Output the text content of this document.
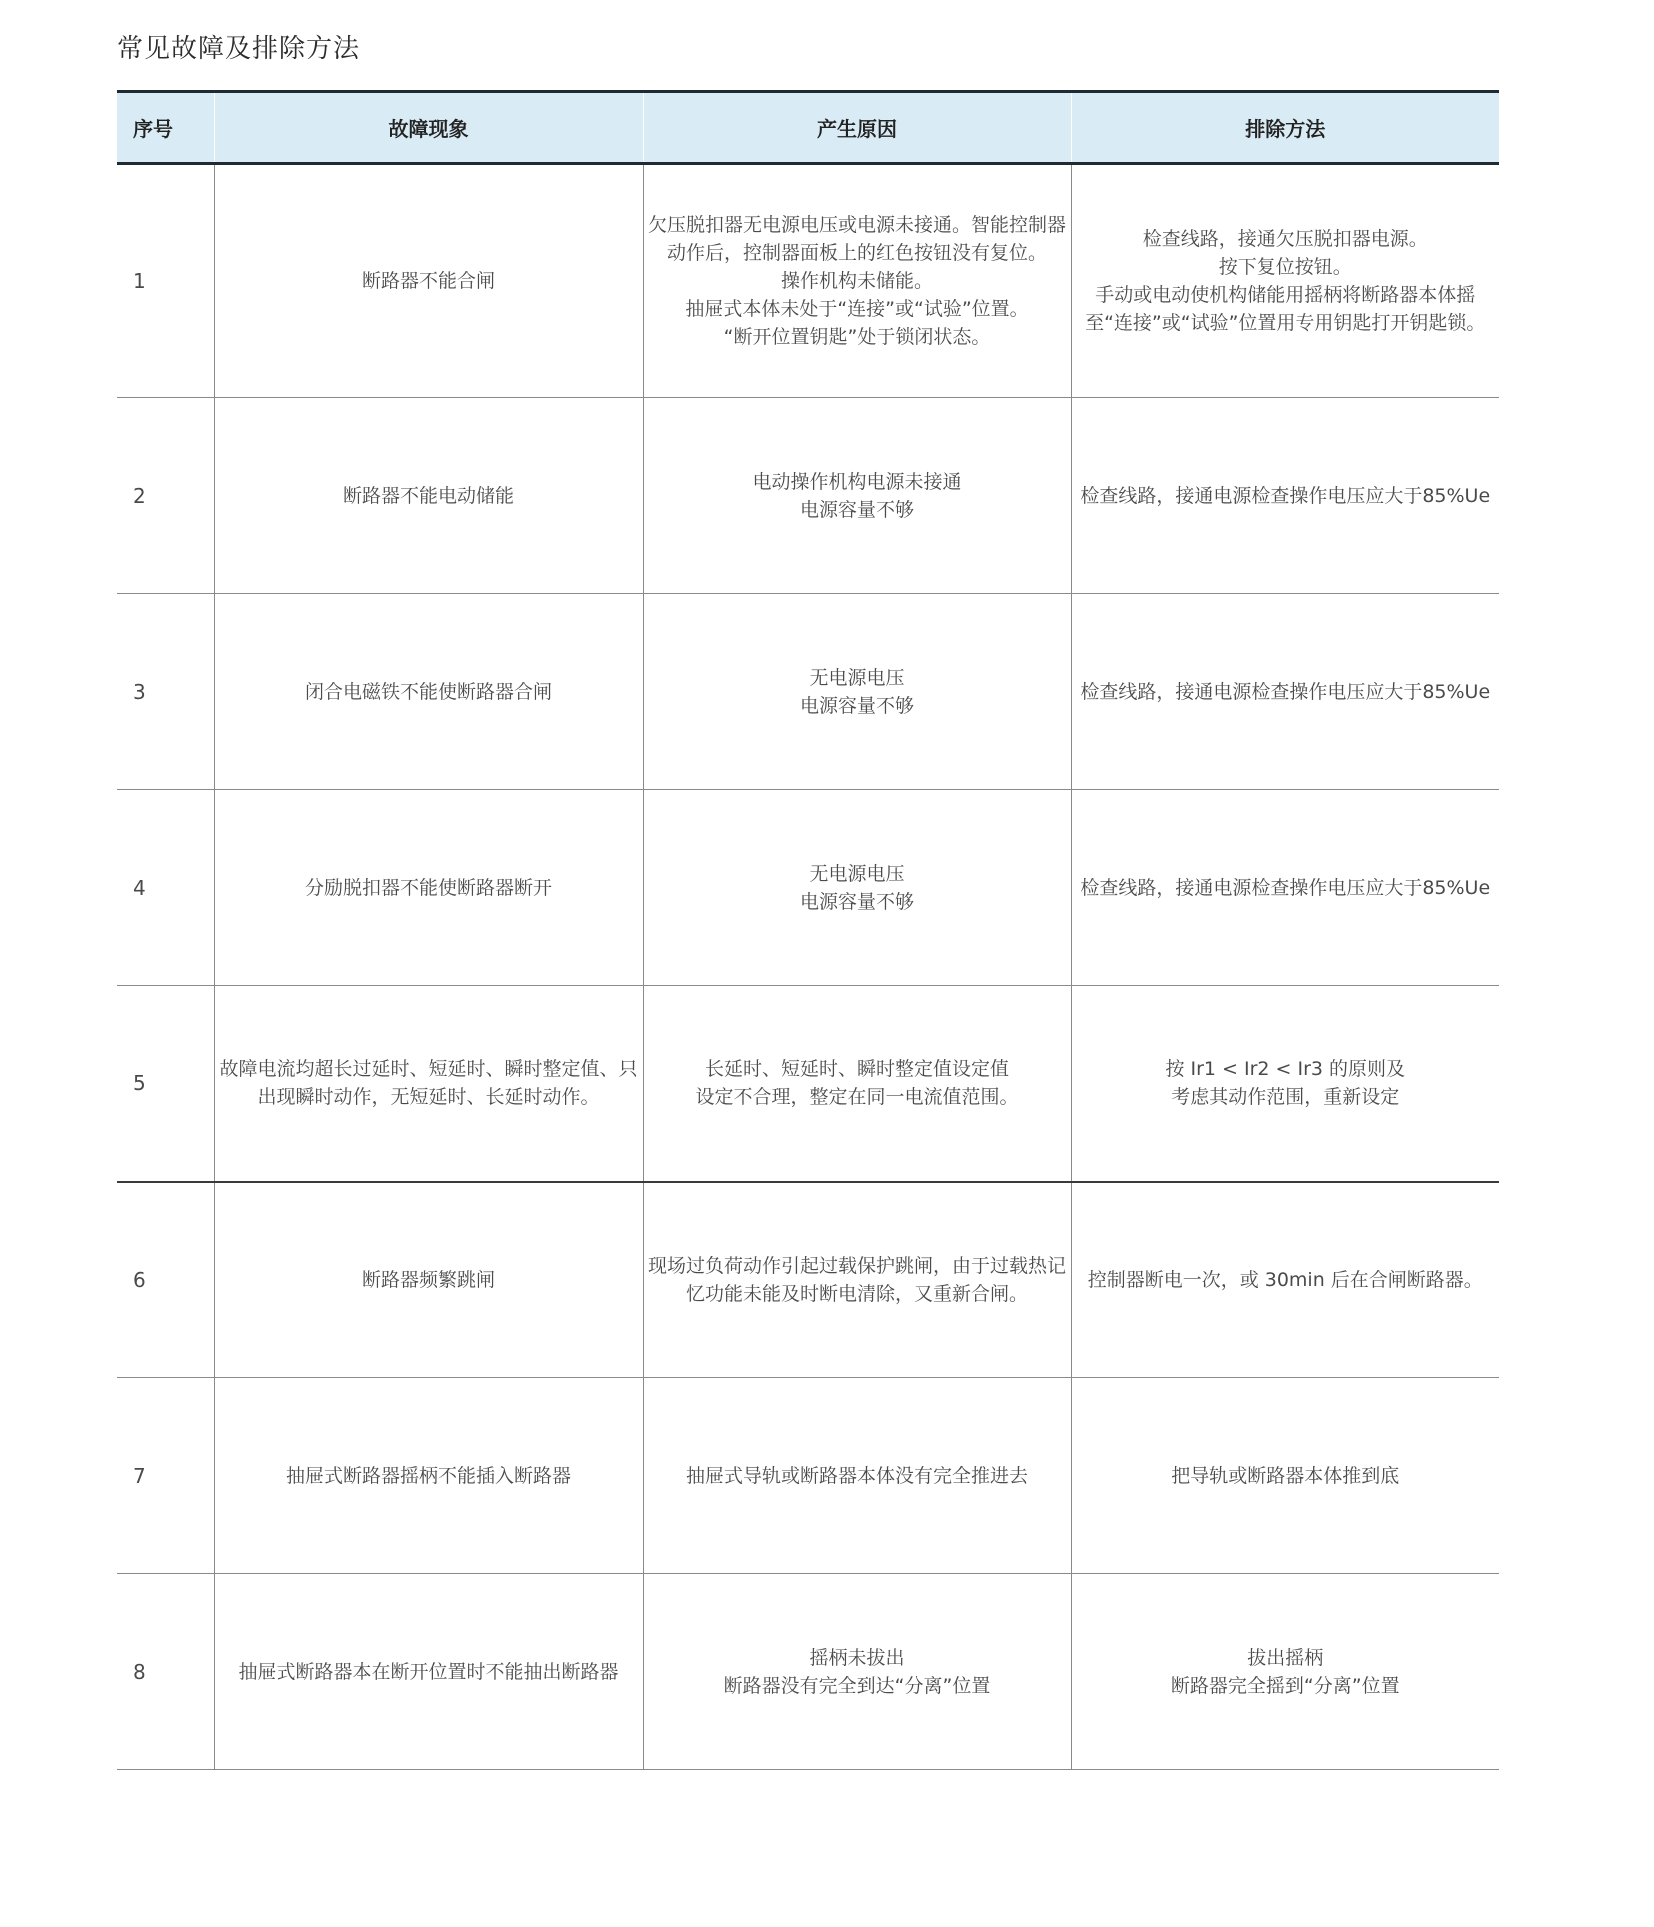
常见故障及排除方法
序号	故障现象	产生原因	排除方法
1	断路器不能合闸	欠压脱扣器无电源电压或电源未接通。智能控制器动作后，控制器面板上的红色按钮没有复位。
操作机构未储能。
抽屉式本体未处于“连接”或“试验”位置。
“断开位置钥匙”处于锁闭状态。	检查线路，接通欠压脱扣器电源。
按下复位按钮。
手动或电动使机构储能用摇柄将断路器本体摇至“连接”或“试验”位置用专用钥匙打开钥匙锁。
2	断路器不能电动储能	电动操作机构电源未接通
电源容量不够	检查线路，接通电源检查操作电压应大于85%Ue
3	闭合电磁铁不能使断路器合闸	无电源电压
电源容量不够	检查线路，接通电源检查操作电压应大于85%Ue
4	分励脱扣器不能使断路器断开	无电源电压
电源容量不够	检查线路，接通电源检查操作电压应大于85%Ue
5	故障电流均超长过延时、短延时、瞬时整定值、只出现瞬时动作，无短延时、长延时动作。	长延时、短延时、瞬时整定值设定值
设定不合理，整定在同一电流值范围。	按 Ir1 < Ir2 < Ir3 的原则及
考虑其动作范围，重新设定
6	断路器频繁跳闸	现场过负荷动作引起过载保护跳闸，由于过载热记忆功能未能及时断电清除，又重新合闸。	控制器断电一次，或 30min 后在合闸断路器。
7	抽屉式断路器摇柄不能插入断路器	抽屉式导轨或断路器本体没有完全推进去	把导轨或断路器本体推到底
8	抽屉式断路器本在断开位置时不能抽出断路器	摇柄未拔出
断路器没有完全到达“分离”位置	拔出摇柄
断路器完全摇到“分离”位置
